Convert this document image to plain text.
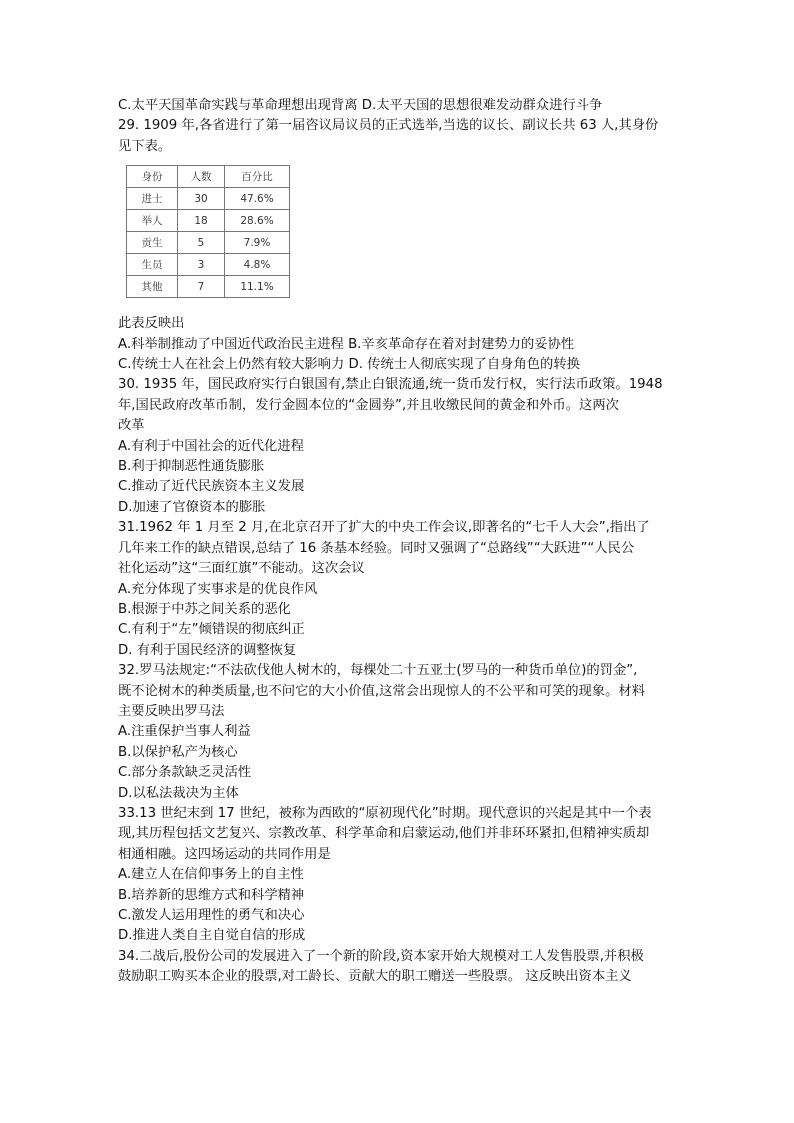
C.太平天国革命实践与革命理想出现背离 D.太平天国的思想很难发动群众进行斗争
29. 1909 年,各省进行了第一届咨议局议员的正式选举,当选的议长、副议长共 63 人,其身份
见下表。
身份	人数	百分比
进士	30	47.6%
举人	18	28.6%
贡生	5	7.9%
生员	3	4.8%
其他	7	11.1%
此表反映出
A.科举制推动了中国近代政治民主进程 B.辛亥革命存在着对封建势力的妥协性
C.传统士人在社会上仍然有较大影响力 D. 传统士人彻底实现了自身角色的转换
30. 1935 年，国民政府实行白银国有,禁止白银流通,统一货币发行权，实行法币政策。1948
年,国民政府改革币制，发行金圆本位的“金圆券”,并且收缴民间的黄金和外币。这两次
改革
A.有利于中国社会的近代化进程
B.利于抑制恶性通货膨胀
C.推动了近代民族资本主义发展
D.加速了官僚资本的膨胀
31.1962 年 1 月至 2 月,在北京召开了扩大的中央工作会议,即著名的“七千人大会”,指出了
几年来工作的缺点错误,总结了 16 条基本经验。同时又强调了“总路线”“大跃进”“人民公
社化运动”这“三面红旗”不能动。这次会议
A.充分体现了实事求是的优良作风
B.根源于中苏之间关系的恶化
C.有利于“左”倾错误的彻底纠正
D. 有利于国民经济的调整恢复
32.罗马法规定:“不法砍伐他人树木的，每棵处二十五亚士(罗马的一种货币单位)的罚金”,
既不论树木的种类质量,也不问它的大小价值,这常会出现惊人的不公平和可笑的现象。材料
主要反映出罗马法
A.注重保护当事人利益
B.以保护私产为核心
C.部分条款缺乏灵活性
D.以私法裁决为主体
33.13 世纪末到 17 世纪，被称为西欧的“原初现代化”时期。现代意识的兴起是其中一个表
现,其历程包括文艺复兴、宗教改革、科学革命和启蒙运动,他们并非环环紧扣,但精神实质却
相通相融。这四场运动的共同作用是
A.建立人在信仰事务上的自主性
B.培养新的思维方式和科学精神
C.激发人运用理性的勇气和决心
D.推进人类自主自觉自信的形成
34.二战后,股份公司的发展进入了一个新的阶段,资本家开始大规模对工人发售股票,并积极
鼓励职工购买本企业的股票,对工龄长、贡献大的职工赠送一些股票。 这反映出资本主义
